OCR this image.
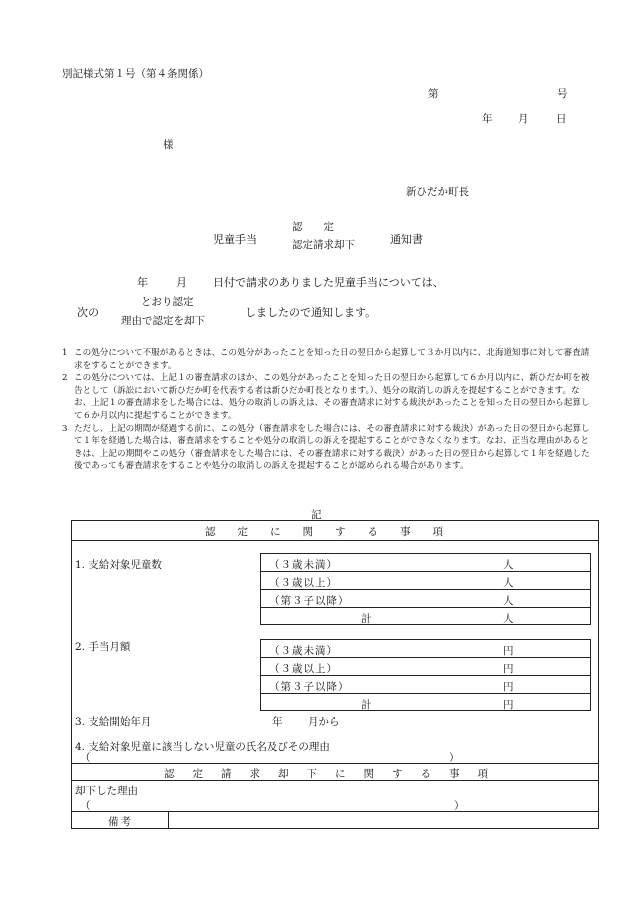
別記様式第１号（第４条関係）
第	号
年 月	日
様
新ひだか町長
児童手当
認　　定
認定請求却下	通知書
年	月 日付で請求のありました児童手当については、
次の
とおり認定
理由で認定を却下
しましたので通知します。
1 この処分について不服があるときは、この処分があったことを知った日の翌日から起算して３か月以内に、北海道知事に対して審査請求をすることができます。
2 この処分については、上記１の審査請求のほか、この処分があったことを知った日の翌日から起算して６か月以内に、新ひだか町を被告として（訴訟において新ひだか町を代表する者は新ひだか町長となります。）、処分の取消しの訴えを提起することができます。なお、上記１の審査請求をした場合には、処分の取消しの訴えは、その審査請求に対する裁決があったことを知った日の翌日から起算して６か月以内に提起することができます。
3 ただし、上記の期間が経過する前に、この処分（審査請求をした場合には、その審査請求に対する裁決）があった日の翌日から起算して１年を経過した場合は、審査請求をすることや処分の取消しの訴えを提起することができなくなります。なお、正当な理由があるときは、上記の期間やこの処分（審査請求をした場合には、その審査請求に対する裁決）があった日の翌日から起算して１年を経過した後であっても審査請求をすることや処分の取消しの訴えを提起することが認められる場合があります。
記
認定に関する事項
1. 支給対象児童数	（３歳未満）	人
（３歳以上）	人
（第３子以降）	人
計	人
2. 手当月額	（３歳未満）	円
（３歳以上）	円
（第３子以降）	円
計	円
3. 支給開始年月	年 月から
4. 支給対象児童に該当しない児童の氏名及びその理由
（	）
認定請求却下に関する事項
却下した理由
（	）
備考
